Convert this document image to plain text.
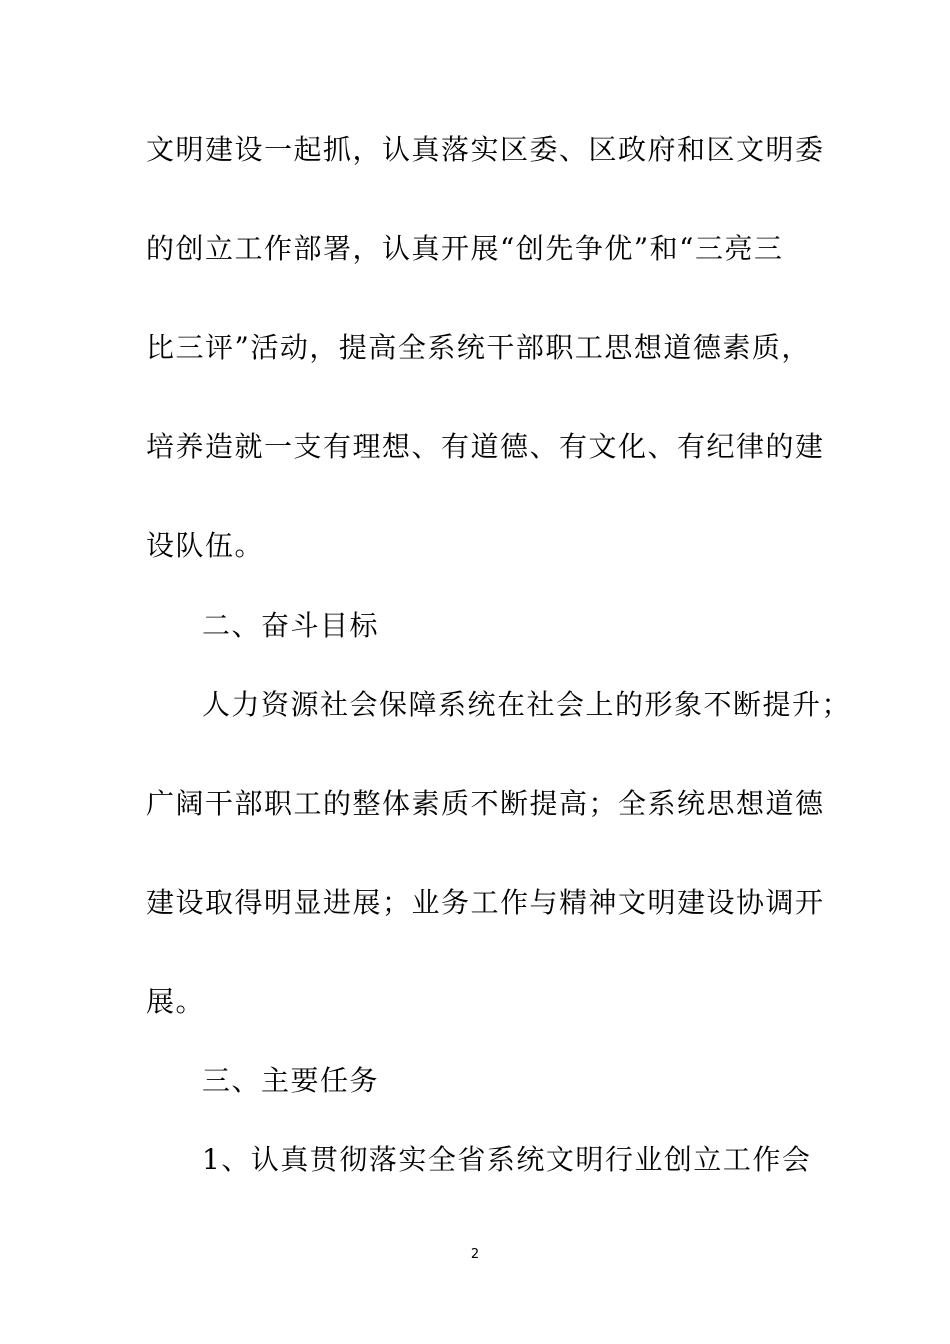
文明建设一起抓，认真落实区委、区政府和区文明委
的创立工作部署，认真开展“创先争优”和“三亮三
比三评”活动，提高全系统干部职工思想道德素质，
培养造就一支有理想、有道德、有文化、有纪律的建
设队伍。
二、奋斗目标
人力资源社会保障系统在社会上的形象不断提升；
广阔干部职工的整体素质不断提高；全系统思想道德
建设取得明显进展；业务工作与精神文明建设协调开
展。
三、主要任务
1、认真贯彻落实全省系统文明行业创立工作会
2
